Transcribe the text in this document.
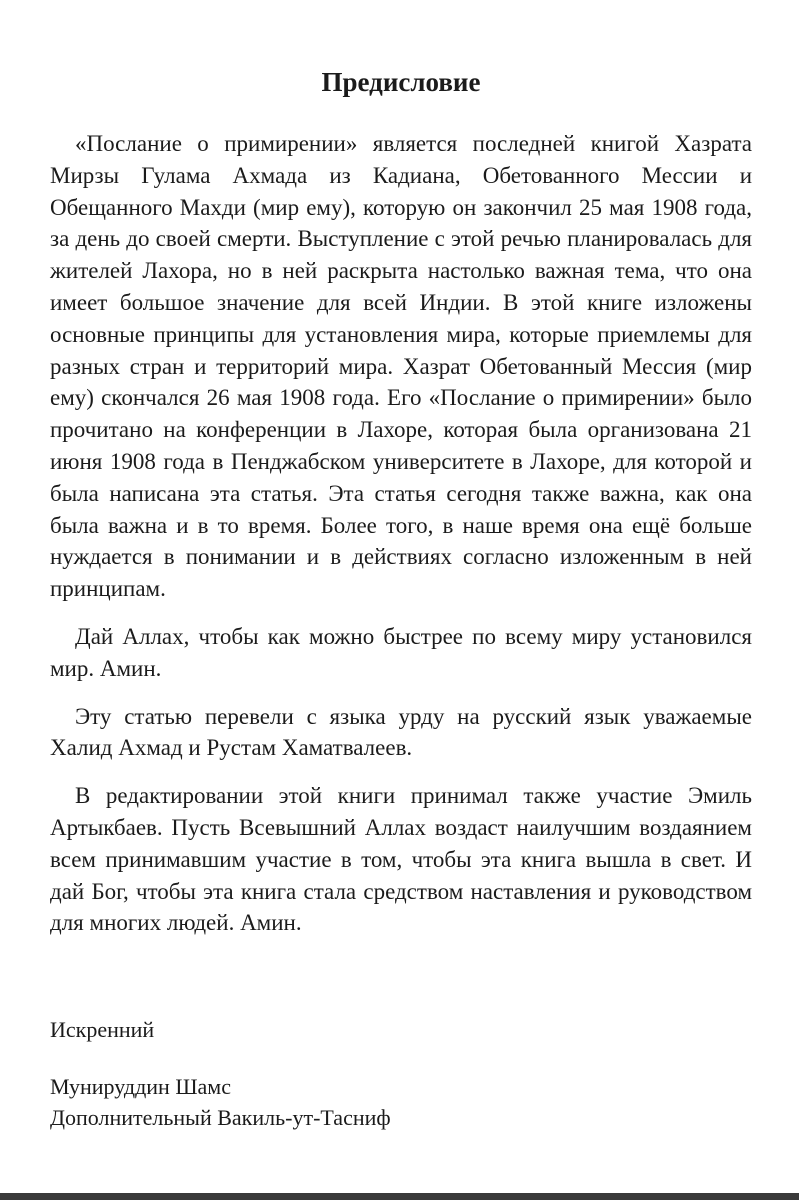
Предисловие

«Послание о примирении» является последней книгой Хазрата Мирзы Гулама Ахмада из Кадиана, Обетованного Мессии и Обещанного Махди (мир ему), которую он закончил 25 мая 1908 года, за день до своей смерти. Выступление с этой речью планировалась для жителей Лахора, но в ней раскрыта настолько важная тема, что она имеет большое значение для всей Индии. В этой книге изложены основные принципы для установления мира, которые приемлемы для разных стран и территорий мира. Хазрат Обетованный Мессия (мир ему) скончался 26 мая 1908 года. Его «Послание о примирении» было прочитано на конференции в Лахоре, которая была организована 21 июня 1908 года в Пенджабском университете в Лахоре, для которой и была написана эта статья. Эта статья сегодня также важна, как она была важна и в то время. Более того, в наше время она ещё больше нуждается в понимании и в действиях согласно изложенным в ней принципам.

Дай Аллах, чтобы как можно быстрее по всему миру установился мир. Амин.

Эту статью перевели с языка урду на русский язык уважаемые Халид Ахмад и Рустам Хаматвалеев.

В редактировании этой книги принимал также участие Эмиль Артыкбаев. Пусть Всевышний Аллах воздаст наилучшим воздаянием всем принимавшим участие в том, чтобы эта книга вышла в свет. И дай Бог, чтобы эта книга стала средством наставления и руководством для многих людей. Амин.

Искренний

Мунируддин Шамс

Дополнительный Вакиль-ут-Тасниф
